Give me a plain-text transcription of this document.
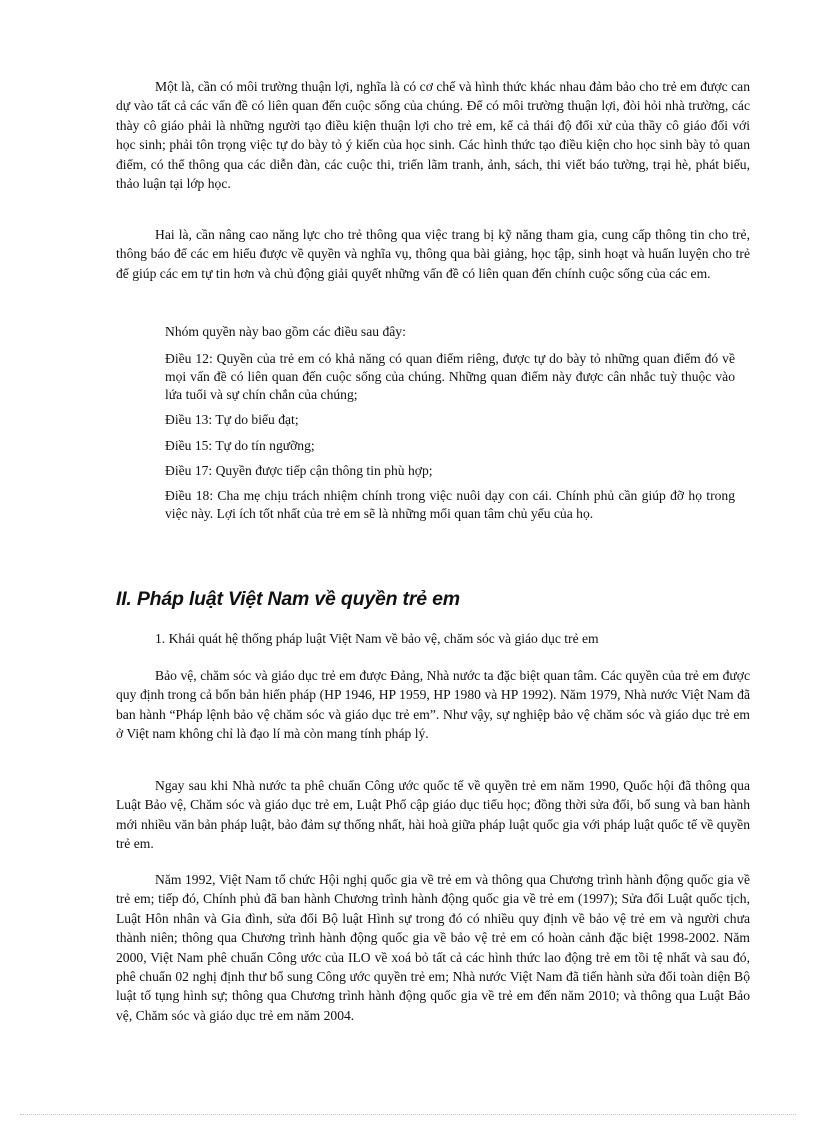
Một là, cần có môi trường thuận lợi, nghĩa là có cơ chế và hình thức khác nhau đảm bảo cho trẻ em được can dự vào tất cả các vấn đề có liên quan đến cuộc sống của chúng. Để có môi trường thuận lợi, đòi hỏi nhà trường, các thày cô giáo phải là những người tạo điều kiện thuận lợi cho trẻ em, kể cả thái độ đối xử của thầy cô giáo đối với học sinh; phải tôn trọng việc tự do bày tỏ ý kiến của học sinh. Các hình thức tạo điều kiện cho học sinh bày tỏ quan điểm, có thể thông qua các diễn đàn, các cuộc thi, triển lãm tranh, ảnh, sách, thi viết báo tường, trại hè, phát biểu, thảo luận tại lớp học.

Hai là, cần nâng cao năng lực cho trẻ thông qua việc trang bị kỹ năng tham gia, cung cấp thông tin cho trẻ, thông báo để các em hiểu được về quyền và nghĩa vụ, thông qua bài giảng, học tập, sinh hoạt và huấn luyện cho trẻ để giúp các em tự tin hơn và chủ động giải quyết những vấn đề có liên quan đến chính cuộc sống của các em.

Nhóm quyền này bao gồm các điều sau đây:

Điều 12: Quyền của trẻ em có khả năng có quan điểm riêng, được tự do bày tỏ những quan điểm đó về mọi vấn đề có liên quan đến cuộc sống của chúng. Những quan điểm này được cân nhắc tuỳ thuộc vào lứa tuổi và sự chín chắn của chúng;

Điều 13: Tự do biểu đạt;

Điều 15: Tự do tín ngưỡng;

Điều 17: Quyền được tiếp cận thông tin phù hợp;

Điều 18: Cha mẹ chịu trách nhiệm chính trong việc nuôi dạy con cái. Chính phủ cần giúp đỡ họ trong việc này. Lợi ích tốt nhất của trẻ em sẽ là những mối quan tâm chủ yếu của họ.

II. Pháp luật Việt Nam về quyền trẻ em

1. Khái quát hệ thống pháp luật Việt Nam về bảo vệ, chăm sóc và giáo dục trẻ em

Bảo vệ, chăm sóc và giáo dục trẻ em được Đảng, Nhà nước ta đặc biệt quan tâm. Các quyền của trẻ em được quy định trong cả bốn bản hiến pháp (HP 1946, HP 1959, HP 1980 và HP 1992). Năm 1979, Nhà nước Việt Nam đã ban hành “Pháp lệnh bảo vệ chăm sóc và giáo dục trẻ em”. Như vậy, sự nghiệp bảo vệ chăm sóc và giáo dục trẻ em ở Việt nam không chỉ là đạo lí mà còn mang tính pháp lý.

Ngay sau khi Nhà nước ta phê chuẩn Công ước quốc tế về quyền trẻ em năm 1990, Quốc hội đã thông qua Luật Bảo vệ, Chăm sóc và giáo dục trẻ em, Luật Phổ cập giáo dục tiểu học; đồng thời sửa đổi, bổ sung và ban hành mới nhiều văn bản pháp luật, bảo đảm sự thống nhất, hài hoà giữa pháp luật quốc gia với pháp luật quốc tế về quyền trẻ em.

Năm 1992, Việt Nam tổ chức Hội nghị quốc gia về trẻ em và thông qua Chương trình hành động quốc gia về trẻ em; tiếp đó, Chính phủ đã ban hành Chương trình hành động quốc gia về trẻ em (1997); Sửa đổi Luật quốc tịch, Luật Hôn nhân và Gia đình, sửa đổi Bộ luật Hình sự trong đó có nhiều quy định về bảo vệ trẻ em và người chưa thành niên; thông qua Chương trình hành động quốc gia về bảo vệ trẻ em có hoàn cảnh đặc biệt 1998-2002. Năm 2000, Việt Nam phê chuẩn Công ước của ILO về xoá bỏ tất cả các hình thức lao động trẻ em tồi tệ nhất và sau đó, phê chuẩn 02 nghị định thư bổ sung Công ước quyền trẻ em; Nhà nước Việt Nam đã tiến hành sửa đổi toàn diện Bộ luật tố tụng hình sự; thông qua Chương trình hành động quốc gia về trẻ em đến năm 2010; và thông qua Luật Bảo vệ, Chăm sóc và giáo dục trẻ em năm 2004.
